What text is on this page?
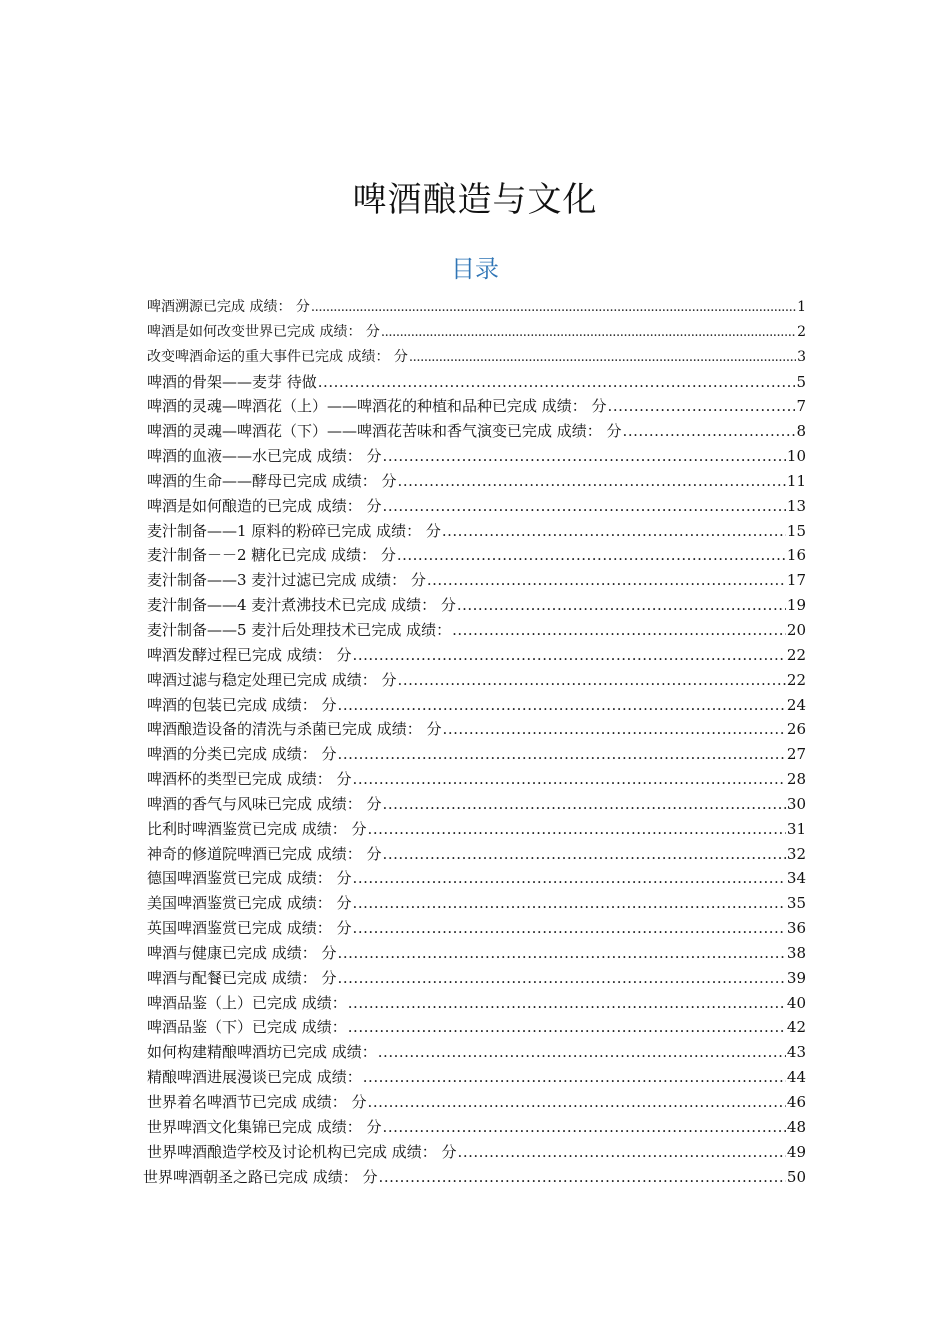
啤酒酿造与文化
目录
啤酒溯源已完成 成绩： 分 .....	1
啤酒是如何改变世界已完成 成绩： 分 .....	2
改变啤酒命运的重大事件已完成 成绩： 分 .....	3
啤酒的骨架——麦芽 待做 .....	5
啤酒的灵魂—啤酒花（上）——啤酒花的种植和品种已完成 成绩： 分 .....	7
啤酒的灵魂—啤酒花（下）——啤酒花苦味和香气演变已完成 成绩： 分 .....	8
啤酒的血液——水已完成 成绩： 分 .....	10
啤酒的生命——酵母已完成 成绩： 分 .....	11
啤酒是如何酿造的已完成 成绩： 分 .....	13
麦汁制备——1 原料的粉碎已完成 成绩： 分 .....	15
麦汁制备－－2 糖化已完成 成绩： 分 .....	16
麦汁制备——3 麦汁过滤已完成 成绩： 分 .....	17
麦汁制备——4 麦汁煮沸技术已完成 成绩： 分 .....	19
麦汁制备——5 麦汁后处理技术已完成 成绩： .....	20
啤酒发酵过程已完成 成绩： 分 .....	22
啤酒过滤与稳定处理已完成 成绩： 分 .....	22
啤酒的包装已完成 成绩： 分 .....	24
啤酒酿造设备的清洗与杀菌已完成 成绩： 分 .....	26
啤酒的分类已完成 成绩： 分 .....	27
啤酒杯的类型已完成 成绩： 分 .....	28
啤酒的香气与风味已完成 成绩： 分 .....	30
比利时啤酒鉴赏已完成 成绩： 分 .....	31
神奇的修道院啤酒已完成 成绩： 分 .....	32
德国啤酒鉴赏已完成 成绩： 分 .....	34
美国啤酒鉴赏已完成 成绩： 分 .....	35
英国啤酒鉴赏已完成 成绩： 分 .....	36
啤酒与健康已完成 成绩： 分 .....	38
啤酒与配餐已完成 成绩： 分 .....	39
啤酒品鉴（上）已完成 成绩： .....	40
啤酒品鉴（下）已完成 成绩： .....	42
如何构建精酿啤酒坊已完成 成绩： .....	43
精酿啤酒进展漫谈已完成 成绩： .....	44
世界着名啤酒节已完成 成绩： 分 .....	46
世界啤酒文化集锦已完成 成绩： 分 .....	48
世界啤酒酿造学校及讨论机构已完成 成绩： 分 .....	49
世界啤酒朝圣之路已完成 成绩： 分 .....	50
